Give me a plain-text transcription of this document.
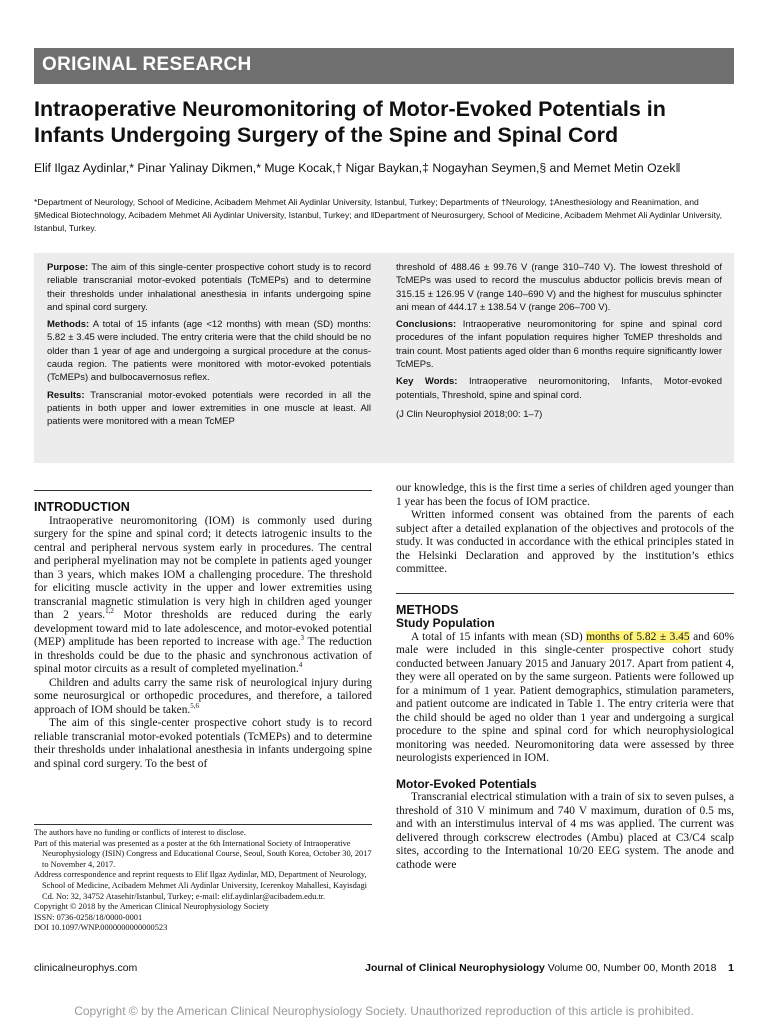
ORIGINAL RESEARCH
Intraoperative Neuromonitoring of Motor-Evoked Potentials in Infants Undergoing Surgery of the Spine and Spinal Cord

Elif Ilgaz Aydinlar,* Pinar Yalinay Dikmen,* Muge Kocak,† Nigar Baykan,‡ Nogayhan Seymen,§ and Memet Metin Ozek‖

*Department of Neurology, School of Medicine, Acibadem Mehmet Ali Aydinlar University, Istanbul, Turkey; Departments of †Neurology, ‡Anesthesiology and Reanimation, and §Medical Biotechnology, Acibadem Mehmet Ali Aydinlar University, Istanbul, Turkey; and ‖Department of Neurosurgery, School of Medicine, Acibadem Mehmet Ali Aydinlar University, Istanbul, Turkey.

Purpose: The aim of this single-center prospective cohort study is to record reliable transcranial motor-evoked potentials (TcMEPs) and to determine their thresholds under inhalational anesthesia in infants undergoing spine and spinal cord surgery.

Methods: A total of 15 infants (age <12 months) with mean (SD) months: 5.82 ± 3.45 were included. The entry criteria were that the child should be no older than 1 year of age and undergoing a surgical procedure at the conus-cauda region. The patients were monitored with motor-evoked potentials (TcMEPs) and bulbocavernosus reflex.

Results: Transcranial motor-evoked potentials were recorded in all the patients in both upper and lower extremities in one muscle at least. All patients were monitored with a mean TcMEP

threshold of 488.46 ± 99.76 V (range 310–740 V). The lowest threshold of TcMEPs was used to record the musculus abductor pollicis brevis mean of 315.15 ± 126.95 V (range 140–690 V) and the highest for musculus sphincter ani mean of 444.17 ± 138.54 V (range 206–700 V).

Conclusions: Intraoperative neuromonitoring for spine and spinal cord procedures of the infant population requires higher TcMEP thresholds and train count. Most patients aged older than 6 months require significantly lower TcMEPs.

Key Words: Intraoperative neuromonitoring, Infants, Motor-evoked potentials, Threshold, spine and spinal cord.

(J Clin Neurophysiol 2018;00: 1–7)

INTRODUCTION

Intraoperative neuromonitoring (IOM) is commonly used during surgery for the spine and spinal cord; it detects iatrogenic insults to the central and peripheral nervous system early in procedures. The central and peripheral myelination may not be complete in patients aged younger than 3 years, which makes IOM a challenging procedure. The threshold for eliciting muscle activity in the upper and lower extremities using transcranial magnetic stimulation is very high in children aged younger than 2 years.$^{1,2}$ Motor thresholds are reduced during the early development toward mid to late adolescence, and motor-evoked potential (MEP) amplitude has been reported to increase with age.$^3$ The reduction in thresholds could be due to the phasic and synchronous activation of spinal motor circuits as a result of completed myelination.$^4$

Children and adults carry the same risk of neurological injury during some neurosurgical or orthopedic procedures, and therefore, a tailored approach of IOM should be taken.$^{5,6}$

The aim of this single-center prospective cohort study is to record reliable transcranial motor-evoked potentials (TcMEPs) and to determine their thresholds under inhalational anesthesia in infants undergoing spine and spinal cord surgery. To the best of

The authors have no funding or conflicts of interest to disclose.

Part of this material was presented as a poster at the 6th International Society of Intraoperative Neurophysiology (ISIN) Congress and Educational Course, Seoul, South Korea, October 30, 2017 to November 4, 2017.

Address correspondence and reprint requests to Elif Ilgaz Aydinlar, MD, Department of Neurology, School of Medicine, Acibadem Mehmet Ali Aydinlar University, Icerenkoy Mahallesi, Kayisdagi Cd. No: 32, 34752 Atasehir/Istanbul, Turkey; e-mail: elif.aydinlar@acibadem.edu.tr.

Copyright © 2018 by the American Clinical Neurophysiology Society

ISSN: 0736-0258/18/0000-0001

DOI 10.1097/WNP.0000000000000523

our knowledge, this is the first time a series of children aged younger than 1 year has been the focus of IOM practice.

Written informed consent was obtained from the parents of each subject after a detailed explanation of the objectives and protocols of the study. It was conducted in accordance with the ethical principles stated in the Helsinki Declaration and approved by the institution’s ethics committee.

METHODS

Study Population

A total of 15 infants with mean (SD) months of 5.82 ± 3.45 and 60% male were included in this single-center prospective cohort study conducted between January 2015 and January 2017. Apart from patient 4, they were all operated on by the same surgeon. Patients were followed up for a minimum of 1 year. Patient demographics, stimulation parameters, and patient outcome are indicated in Table 1. The entry criteria were that the child should be aged no older than 1 year and undergoing a surgical procedure to the spine and spinal cord for which neurophysiological monitoring was needed. Neuromonitoring data were assessed by three neurologists experienced in IOM.

Motor-Evoked Potentials

Transcranial electrical stimulation with a train of six to seven pulses, a threshold of 310 V minimum and 740 V maximum, duration of 0.5 ms, and with an interstimulus interval of 4 ms was applied. The current was delivered through corkscrew electrodes (Ambu) placed at C3/C4 scalp sites, according to the International 10/20 EEG system. The anode and cathode were

clinicalneurophys.com	Journal of Clinical Neurophysiology Volume 00, Number 00, Month 2018 1
Copyright © by the American Clinical Neurophysiology Society. Unauthorized reproduction of this article is prohibited.
